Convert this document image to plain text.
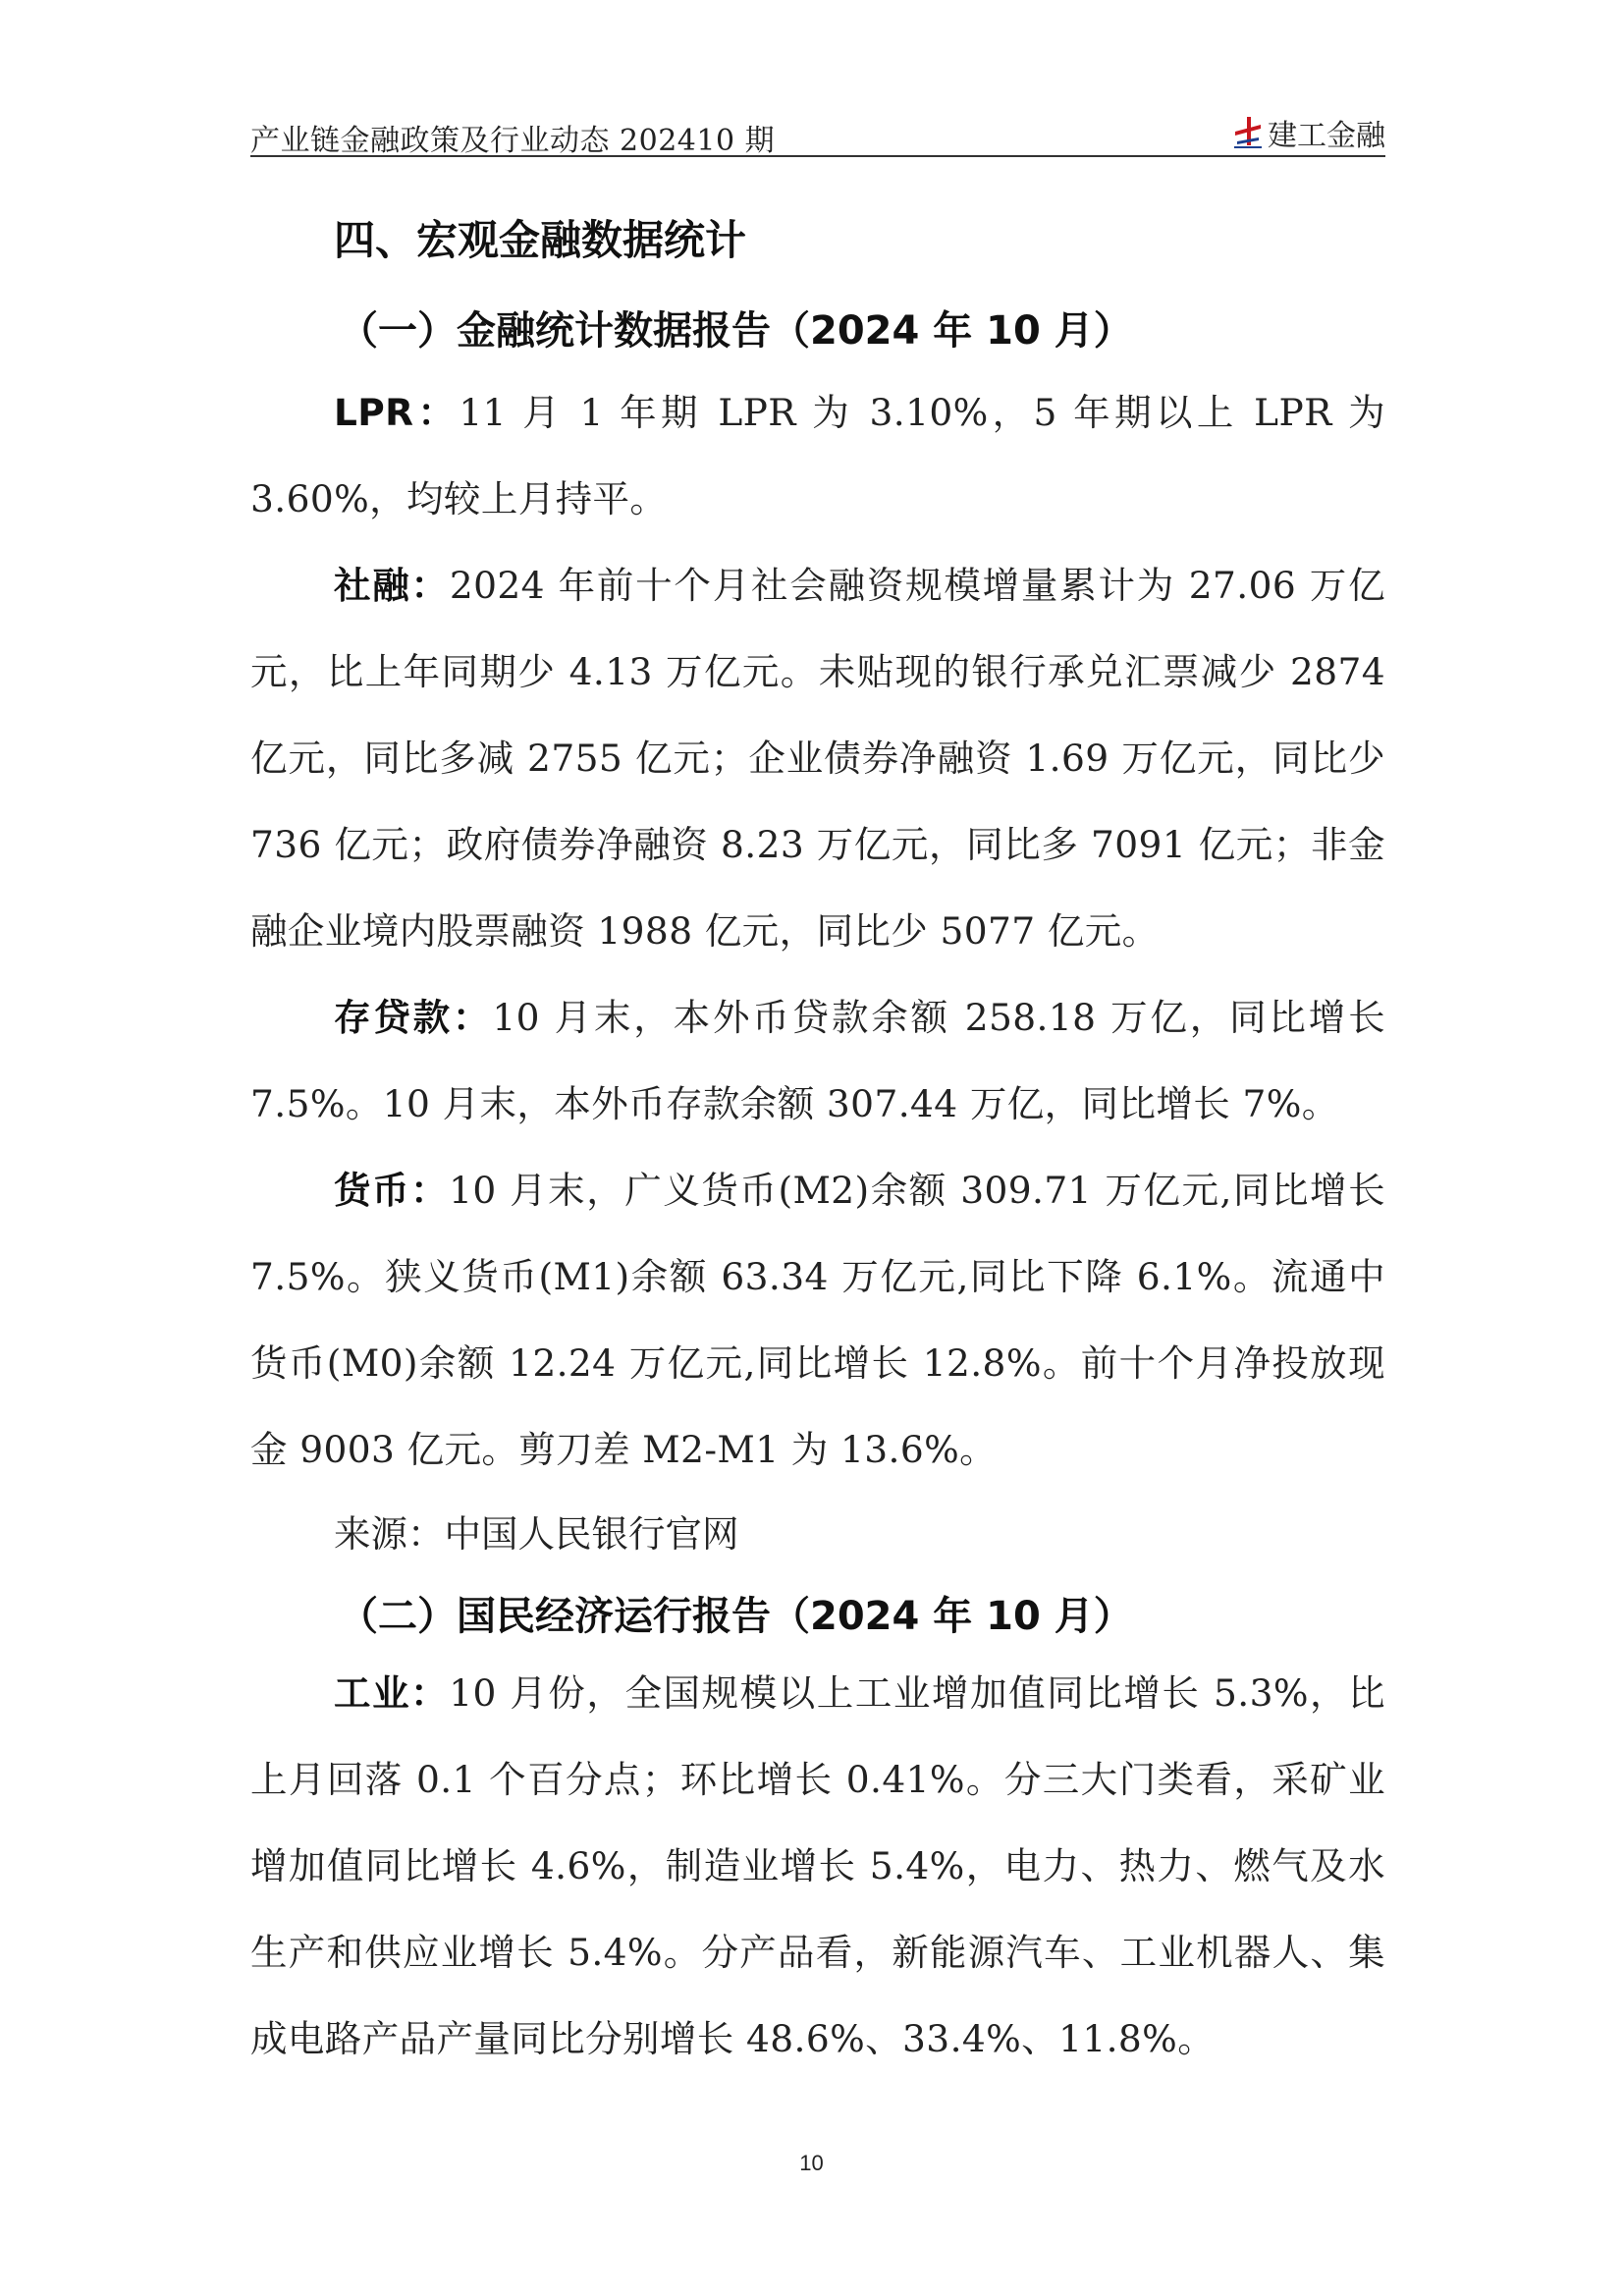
产业链金融政策及行业动态 202410 期	建工金融
四、宏观金融数据统计
（一）金融统计数据报告（2024 年 10 月）

LPR：11 月 1 年期 LPR 为 3.10%，5 年期以上 LPR 为 3.60%，均较上月持平。

社融：2024 年前十个月社会融资规模增量累计为 27.06 万亿元，比上年同期少 4.13 万亿元。未贴现的银行承兑汇票减少 2874 亿元，同比多减 2755 亿元；企业债券净融资 1.69 万亿元，同比少 736 亿元；政府债券净融资 8.23 万亿元，同比多 7091 亿元；非金融企业境内股票融资 1988 亿元，同比少 5077 亿元。

存贷款：10 月末，本外币贷款余额 258.18 万亿，同比增长 7.5%。10 月末，本外币存款余额 307.44 万亿，同比增长 7%。

货币：10 月末，广义货币(M2)余额 309.71 万亿元,同比增长 7.5%。狭义货币(M1)余额 63.34 万亿元,同比下降 6.1%。流通中货币(M0)余额 12.24 万亿元,同比增长 12.8%。前十个月净投放现金 9003 亿元。剪刀差 M2-M1 为 13.6%。

来源：中国人民银行官网
（二）国民经济运行报告（2024 年 10 月）

工业：10 月份，全国规模以上工业增加值同比增长 5.3%，比上月回落 0.1 个百分点；环比增长 0.41%。分三大门类看，采矿业增加值同比增长 4.6%，制造业增长 5.4%，电力、热力、燃气及水生产和供应业增长 5.4%。分产品看，新能源汽车、工业机器人、集成电路产品产量同比分别增长 48.6%、33.4%、11.8%。

10
